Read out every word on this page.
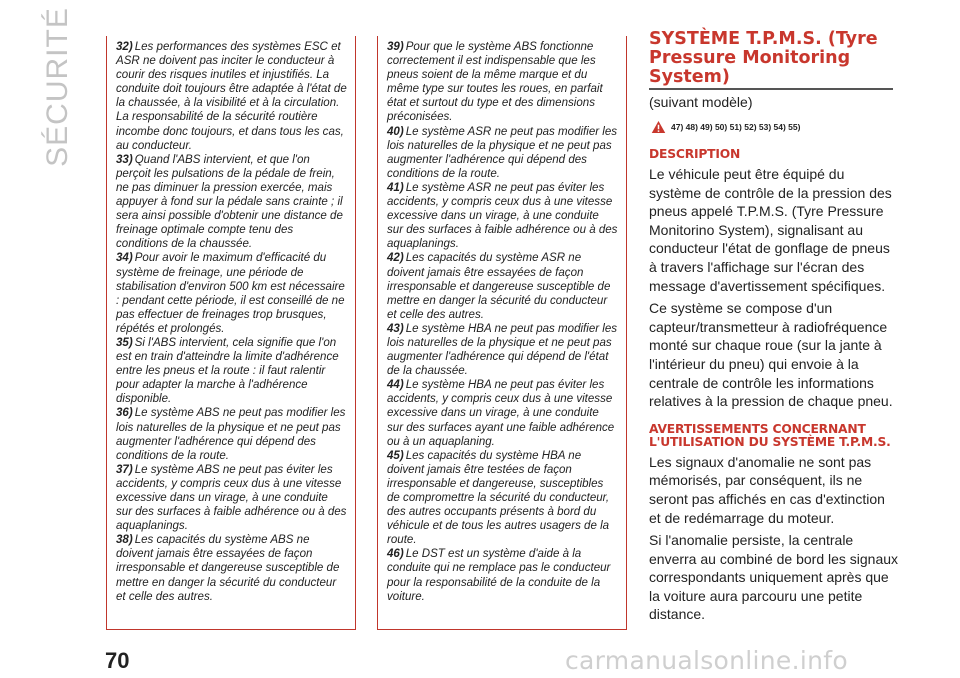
SÉCURITÉ	32) Les performances des systèmes ESC et ASR ne doivent pas inciter le conducteur à courir des risques inutiles et injustifiés. La conduite doit toujours être adaptée à l'état de la chaussée, à la visibilité et à la circulation. La responsabilité de la sécurité routière incombe donc toujours, et dans tous les cas, au conducteur.

33) Quand l'ABS intervient, et que l'on perçoit les pulsations de la pédale de frein, ne pas diminuer la pression exercée, mais appuyer à fond sur la pédale sans crainte ; il sera ainsi possible d'obtenir une distance de freinage optimale compte tenu des conditions de la chaussée.

34) Pour avoir le maximum d'efficacité du système de freinage, une période de stabilisation d'environ 500 km est nécessaire : pendant cette période, il est conseillé de ne pas effectuer de freinages trop brusques, répétés et prolongés.

35) Si l'ABS intervient, cela signifie que l'on est en train d'atteindre la limite d'adhérence entre les pneus et la route : il faut ralentir pour adapter la marche à l'adhérence disponible.

36) Le système ABS ne peut pas modifier les lois naturelles de la physique et ne peut pas augmenter l'adhérence qui dépend des conditions de la route.

37) Le système ABS ne peut pas éviter les accidents, y compris ceux dus à une vitesse excessive dans un virage, à une conduite sur des surfaces à faible adhérence ou à des aquaplanings.

38) Les capacités du système ABS ne doivent jamais être essayées de façon irresponsable et dangereuse susceptible de mettre en danger la sécurité du conducteur et celle des autres.

39) Pour que le système ABS fonctionne correctement il est indispensable que les pneus soient de la même marque et du même type sur toutes les roues, en parfait état et surtout du type et des dimensions préconisées.

40) Le système ASR ne peut pas modifier les lois naturelles de la physique et ne peut pas augmenter l'adhérence qui dépend des conditions de la route.

41) Le système ASR ne peut pas éviter les accidents, y compris ceux dus à une vitesse excessive dans un virage, à une conduite sur des surfaces à faible adhérence ou à des aquaplanings.

42) Les capacités du système ASR ne doivent jamais être essayées de façon irresponsable et dangereuse susceptible de mettre en danger la sécurité du conducteur et celle des autres.

43) Le système HBA ne peut pas modifier les lois naturelles de la physique et ne peut pas augmenter l'adhérence qui dépend de l'état de la chaussée.

44) Le système HBA ne peut pas éviter les accidents, y compris ceux dus à une vitesse excessive dans un virage, à une conduite sur des surfaces ayant une faible adhérence ou à un aquaplaning.

45) Les capacités du système HBA ne doivent jamais être testées de façon irresponsable et dangereuse, susceptibles de compromettre la sécurité du conducteur, des autres occupants présents à bord du véhicule et de tous les autres usagers de la route.

46) Le DST est un système d'aide à la conduite qui ne remplace pas le conducteur pour la responsabilité de la conduite de la voiture.

SYSTÈME T.P.M.S. (Tyre Pressure Monitoring System)

(suivant modèle)

47) 48) 49) 50) 51) 52) 53) 54) 55)
DESCRIPTION

Le véhicule peut être équipé du système de contrôle de la pression des pneus appelé T.P.M.S. (Tyre Pressure Monitorino System), signalisant au conducteur l'état de gonflage de pneus à travers l'affichage sur l'écran des message d'avertissement spécifiques.

Ce système se compose d'un capteur/transmetteur à radiofréquence monté sur chaque roue (sur la jante à l'intérieur du pneu) qui envoie à la centrale de contrôle les informations relatives à la pression de chaque pneu.

AVERTISSEMENTS CONCERNANT L'UTILISATION DU SYSTÈME T.P.M.S.

Les signaux d'anomalie ne sont pas mémorisés, par conséquent, ils ne seront pas affichés en cas d'extinction et de redémarrage du moteur.

Si l'anomalie persiste, la centrale enverra au combiné de bord les signaux correspondants uniquement après que la voiture aura parcouru une petite distance.

70	carmanualsonline.info
